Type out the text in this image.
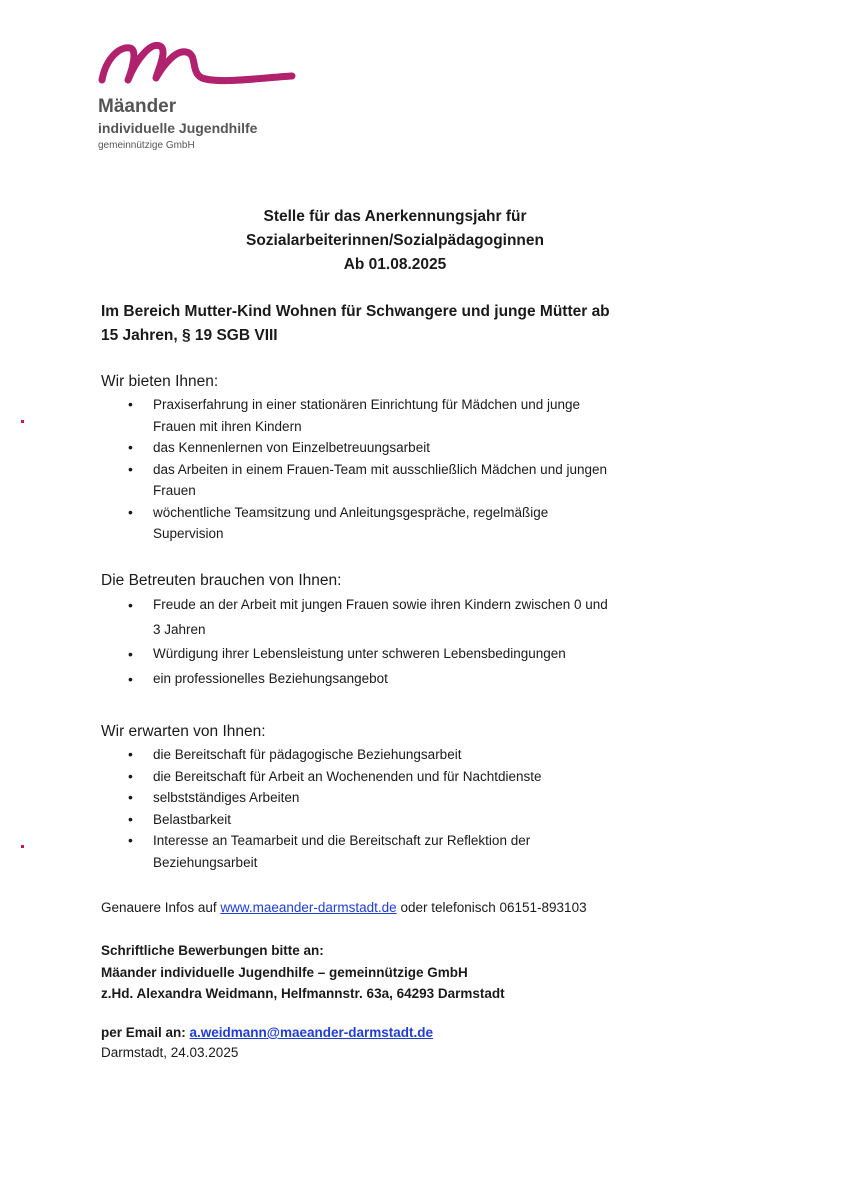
Mäander
individuelle Jugendhilfe
gemeinnützige GmbH
Stelle für das Anerkennungsjahr für
Sozialarbeiterinnen/Sozialpädagoginnen
Ab 01.08.2025
Im Bereich Mutter-Kind Wohnen für Schwangere und junge Mütter ab
15 Jahren, § 19 SGB VIII
Wir bieten Ihnen:
• Praxiserfahrung in einer stationären Einrichtung für Mädchen und junge
Frauen mit ihren Kindern
• das Kennenlernen von Einzelbetreuungsarbeit
• das Arbeiten in einem Frauen-Team mit ausschließlich Mädchen und jungen
Frauen
• wöchentliche Teamsitzung und Anleitungsgespräche, regelmäßige
Supervision
Die Betreuten brauchen von Ihnen:
• Freude an der Arbeit mit jungen Frauen sowie ihren Kindern zwischen 0 und
3 Jahren
• Würdigung ihrer Lebensleistung unter schweren Lebensbedingungen
• ein professionelles Beziehungsangebot
Wir erwarten von Ihnen:
• die Bereitschaft für pädagogische Beziehungsarbeit
• die Bereitschaft für Arbeit an Wochenenden und für Nachtdienste
• selbstständiges Arbeiten
• Belastbarkeit
• Interesse an Teamarbeit und die Bereitschaft zur Reflektion der
Beziehungsarbeit
Genauere Infos auf www.maeander-darmstadt.de oder telefonisch 06151-893103
Schriftliche Bewerbungen bitte an:
Mäander individuelle Jugendhilfe – gemeinnützige GmbH
z.Hd. Alexandra Weidmann, Helfmannstr. 63a, 64293 Darmstadt
per Email an: a.weidmann@maeander-darmstadt.de
Darmstadt, 24.03.2025
